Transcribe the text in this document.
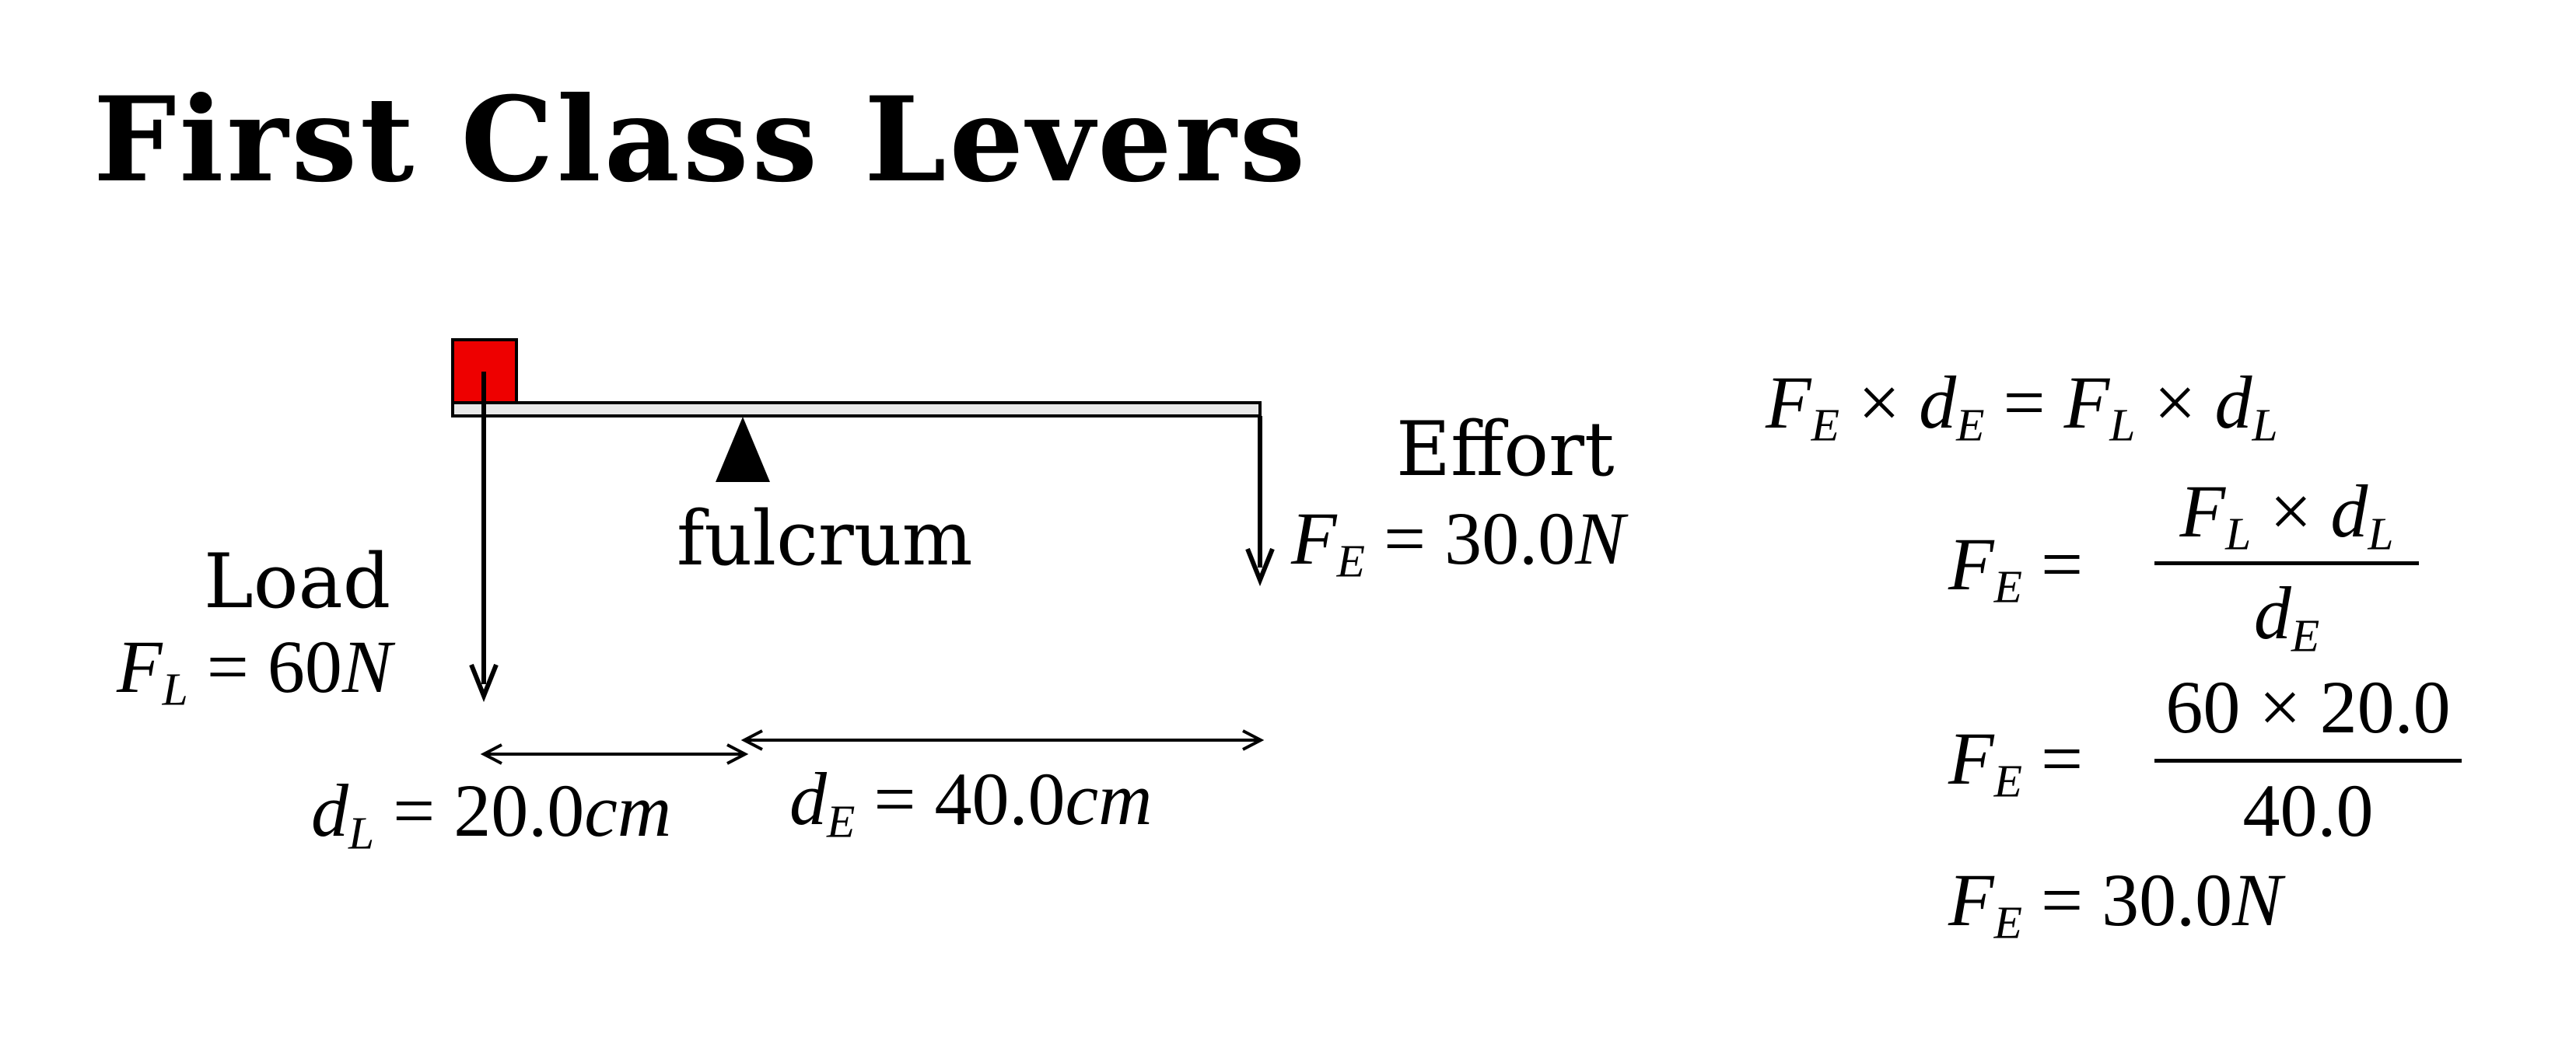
First Class Levers
Load
$F_L = 60N$
fulcrum
Effort
$F_E = 30.0N$
$d_L = 20.0cm$ $d_E = 40.0cm$
$F_E \times d_E = F_L \times d_L$
$F_E$ =
$F_L \times d_L$
$d_E$
$F_E$ =
60 × 20.0
40.0
$F_E = 30.0N$
